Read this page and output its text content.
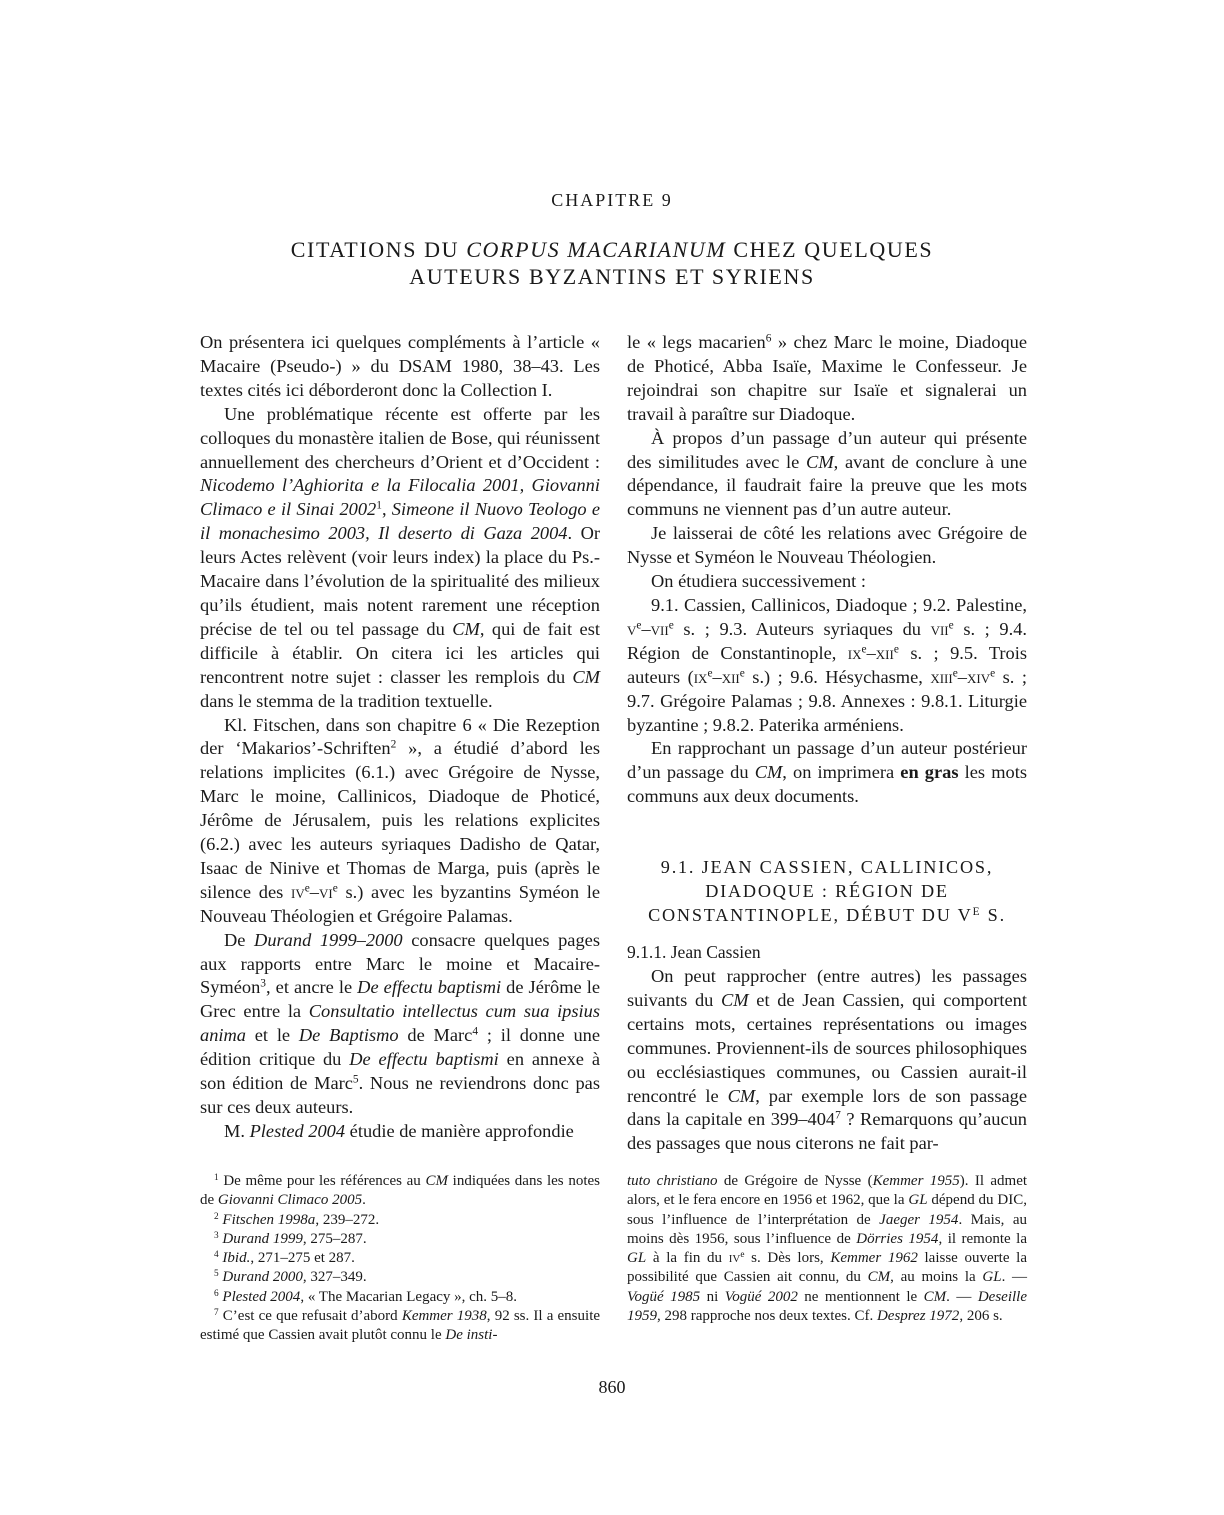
CHAPITRE 9
CITATIONS DU CORPUS MACARIANUM CHEZ QUELQUES
AUTEURS BYZANTINS ET SYRIENS

On présentera ici quelques compléments à l’article « Macaire (Pseudo-) » du DSAM 1980, 38–43. Les textes cités ici déborderont donc la Collection I.

Une problématique récente est offerte par les colloques du monastère italien de Bose, qui réunissent annuellement des chercheurs d’Orient et d’Occident : Nicodemo l’Aghiorita e la Filocalia 2001, Giovanni Climaco e il Sinai 2002$^1$, Simeone il Nuovo Teologo e il monachesimo 2003, Il deserto di Gaza 2004. Or leurs Actes relèvent (voir leurs index) la place du Ps.-Macaire dans l’évolution de la spiritualité des milieux qu’ils étudient, mais notent rarement une réception précise de tel ou tel passage du CM, qui de fait est difficile à établir. On citera ici les articles qui rencontrent notre sujet : classer les remplois du CM dans le stemma de la tradition textuelle.

Kl. Fitschen, dans son chapitre 6 « Die Rezeption der ‘Makarios’-Schriften$^2$ », a étudié d’abord les relations implicites (6.1.) avec Grégoire de Nysse, Marc le moine, Callinicos, Diadoque de Photicé, Jérôme de Jérusalem, puis les relations explicites (6.2.) avec les auteurs syriaques Dadisho de Qatar, Isaac de Ninive et Thomas de Marga, puis (après le silence des $iv^e-vi^e$ s.) avec les byzantins Syméon le Nouveau Théologien et Grégoire Palamas.

De Durand 1999–2000 consacre quelques pages aux rapports entre Marc le moine et Macaire-Syméon$^3$, et ancre le De effectu baptismi de Jérôme le Grec entre la Consultatio intellectus cum sua ipsius anima et le De Baptismo de Marc$^4$ ; il donne une édition critique du De effectu baptismi en annexe à son édition de Marc$^5$. Nous ne reviendrons donc pas sur ces deux auteurs.

M. Plested 2004 étudie de manière approfondie

le « legs macarien$^6$ » chez Marc le moine, Diadoque de Photicé, Abba Isaïe, Maxime le Confesseur. Je rejoindrai son chapitre sur Isaïe et signalerai un travail à paraître sur Diadoque.

À propos d’un passage d’un auteur qui présente des similitudes avec le CM, avant de conclure à une dépendance, il faudrait faire la preuve que les mots communs ne viennent pas d’un autre auteur.

Je laisserai de côté les relations avec Grégoire de Nysse et Syméon le Nouveau Théologien.

On étudiera successivement :

9.1. Cassien, Callinicos, Diadoque ; 9.2. Palestine, $v^e-vii^e$ s. ; 9.3. Auteurs syriaques du vii$^e$ s. ; 9.4. Région de Constantinople, $ix^e-xii^e$ s. ; 9.5. Trois auteurs ($ix^e-xii^e$ s.) ; 9.6. Hésychasme, xiii$^e$–xiv$^e$ s. ; 9.7. Grégoire Palamas ; 9.8. Annexes : 9.8.1. Liturgie byzantine ; 9.8.2. Paterika arméniens.

En rapprochant un passage d’un auteur postérieur d’un passage du CM, on imprimera en gras les mots communs aux deux documents.

9.1. JEAN CASSIEN, CALLINICOS,
DIADOQUE : RÉGION DE
CONSTANTINOPLE, DÉBUT DU $V^E$ S.

9.1.1. Jean Cassien

On peut rapprocher (entre autres) les passages suivants du CM et de Jean Cassien, qui comportent certains mots, certaines représentations ou images communes. Proviennent-ils de sources philosophiques ou ecclésiastiques communes, ou Cassien aurait-il rencontré le CM, par exemple lors de son passage dans la capitale en $399-404^7$ ? Remarquons qu’aucun des passages que nous citerons ne fait par-

$^1$ De même pour les références au CM indiquées dans les notes de Giovanni Climaco 2005.

$^2$ Fitschen 1998a, 239–272.

$^3$ Durand 1999, 275–287.

$^4$ Ibid., 271–275 et 287.

$^5$ Durand 2000, 327–349.

$^6$ Plested 2004, « The Macarian Legacy », ch. 5–8.

$^7$ C’est ce que refusait d’abord Kemmer 1938, 92 ss. Il a ensuite estimé que Cassien avait plutôt connu le De insti-

tuto christiano de Grégoire de Nysse (Kemmer 1955). Il admet alors, et le fera encore en 1956 et 1962, que la GL dépend du DIC, sous l’influence de l’interprétation de Jaeger 1954. Mais, au moins dès 1956, sous l’influence de Dörries 1954, il remonte la GL à la fin du $iv^e$ s. Dès lors, Kemmer 1962 laisse ouverte la possibilité que Cassien ait connu, du CM, au moins la GL. — Vogüé 1985 ni Vogüé 2002 ne mentionnent le CM. — Deseille 1959, 298 rapproche nos deux textes. Cf. Desprez 1972, 206 s.

860
